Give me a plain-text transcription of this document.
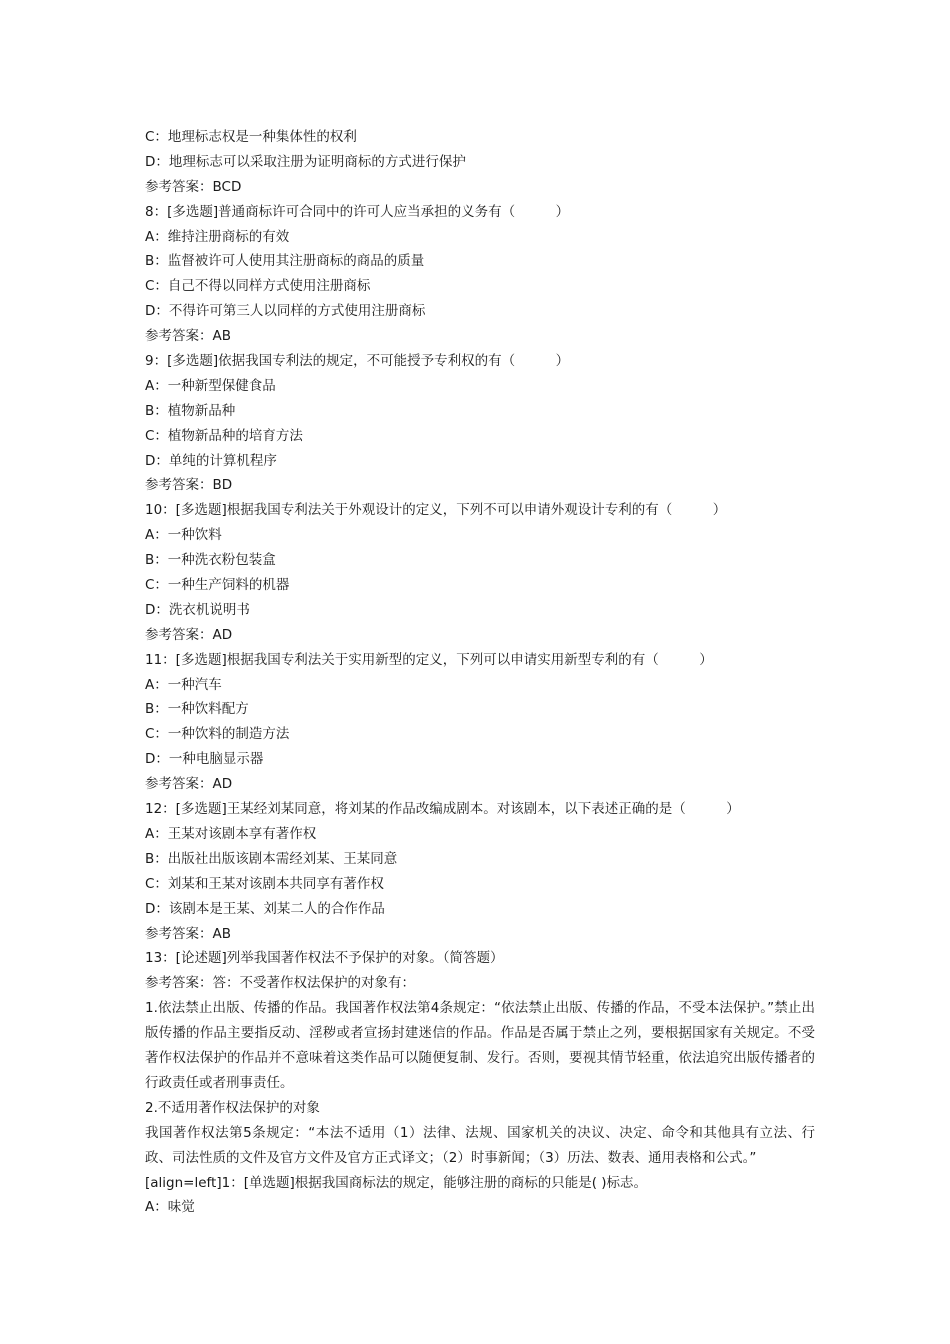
C：地理标志权是一种集体性的权利
D：地理标志可以采取注册为证明商标的方式进行保护
参考答案：BCD
8：[多选题]普通商标许可合同中的许可人应当承担的义务有（　　　）
A：维持注册商标的有效
B：监督被许可人使用其注册商标的商品的质量
C：自己不得以同样方式使用注册商标
D：不得许可第三人以同样的方式使用注册商标
参考答案：AB
9：[多选题]依据我国专利法的规定，不可能授予专利权的有（　　　）
A：一种新型保健食品
B：植物新品种
C：植物新品种的培育方法
D：单纯的计算机程序
参考答案：BD
10：[多选题]根据我国专利法关于外观设计的定义，下列不可以申请外观设计专利的有（　　　）
A：一种饮料
B：一种洗衣粉包装盒
C：一种生产饲料的机器
D：洗衣机说明书
参考答案：AD
11：[多选题]根据我国专利法关于实用新型的定义，下列可以申请实用新型专利的有（　　　）
A：一种汽车
B：一种饮料配方
C：一种饮料的制造方法
D：一种电脑显示器
参考答案：AD
12：[多选题]王某经刘某同意，将刘某的作品改编成剧本。对该剧本，以下表述正确的是（　　　）
A：王某对该剧本享有著作权
B：出版社出版该剧本需经刘某、王某同意
C：刘某和王某对该剧本共同享有著作权
D：该剧本是王某、刘某二人的合作作品
参考答案：AB
13：[论述题]列举我国著作权法不予保护的对象。（简答题）
参考答案：答：不受著作权法保护的对象有：
1.依法禁止出版、传播的作品。我国著作权法第4条规定：“依法禁止出版、传播的作品，不受本法保护。”禁止出版传播的作品主要指反动、淫秽或者宣扬封建迷信的作品。作品是否属于禁止之列，要根据国家有关规定。不受著作权法保护的作品并不意味着这类作品可以随便复制、发行。否则，要视其情节轻重，依法追究出版传播者的行政责任或者刑事责任。
2.不适用著作权法保护的对象
我国著作权法第5条规定：“本法不适用（1）法律、法规、国家机关的决议、决定、命令和其他具有立法、行政、司法性质的文件及官方文件及官方正式译文；（2）时事新闻；（3）历法、数表、通用表格和公式。”
[align=left]1：[单选题]根据我国商标法的规定，能够注册的商标的只能是( )标志。
A：味觉
